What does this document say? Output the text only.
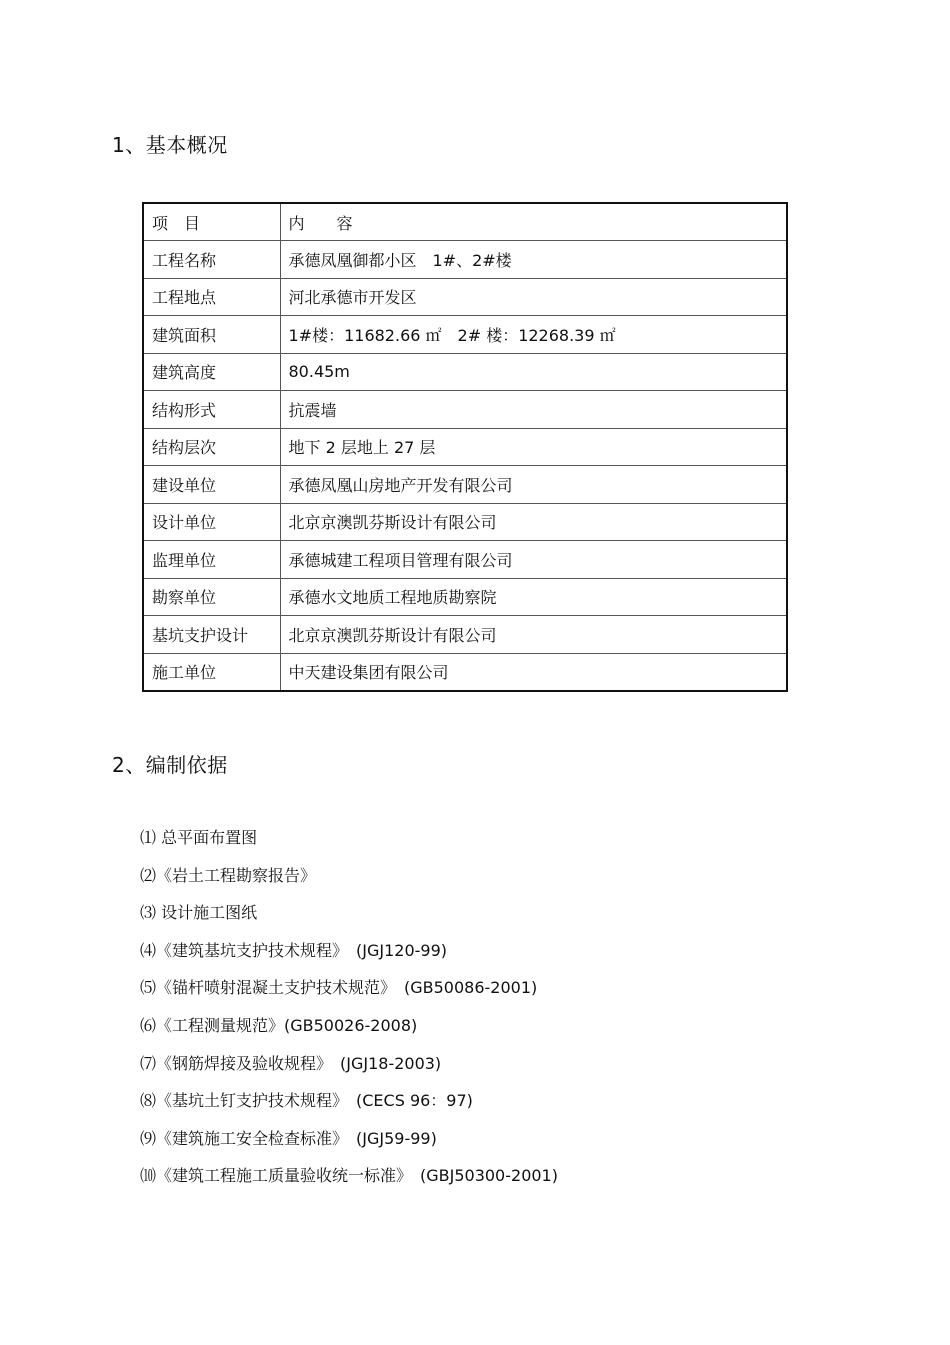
1、基本概况
项　目	内　　容
工程名称	承德凤凰御都小区　1#、2#楼
工程地点	河北承德市开发区
建筑面积	1#楼：11682.66 ㎡　2# 楼：12268.39 ㎡
建筑高度	80.45m
结构形式	抗震墙
结构层次	地下 2 层地上 27 层
建设单位	承德凤凰山房地产开发有限公司
设计单位	北京京澳凯芬斯设计有限公司
监理单位	承德城建工程项目管理有限公司
勘察单位	承德水文地质工程地质勘察院
基坑支护设计	北京京澳凯芬斯设计有限公司
施工单位	中天建设集团有限公司
2、编制依据
⑴ 总平面布置图
⑵《岩土工程勘察报告》
⑶ 设计施工图纸
⑷《建筑基坑支护技术规程》　(JGJ120-99)
⑸《锚杆喷射混凝土支护技术规范》　(GB50086-2001)
⑹《工程测量规范》(GB50026-2008)
⑺《钢筋焊接及验收规程》　(JGJ18-2003)
⑻《基坑土钉支护技术规程》　(CECS 96：97)
⑼《建筑施工安全检查标准》　(JGJ59-99)
⑽《建筑工程施工质量验收统一标准》　(GBJ50300-2001)
